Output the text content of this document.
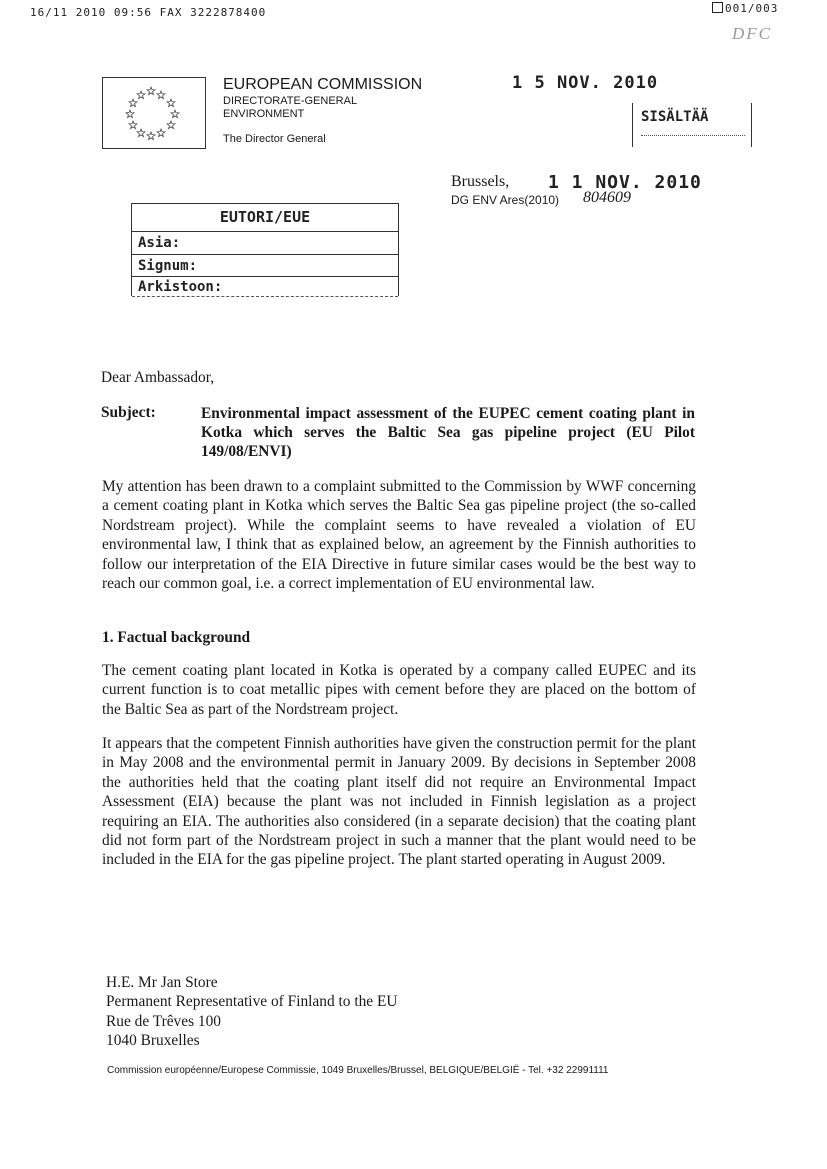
16/11 2010 09:56 FAX 3222878400	001/003
DFC
EUROPEAN COMMISSION
DIRECTORATE-GENERAL
ENVIRONMENT
The Director General
1 5 NOV. 2010
SISÄLTÄÄ
Brussels, 1 1 NOV. 2010
DG ENV Ares(2010) 804609
EUTORI/EUE
Asia:
Signum:
Arkistoon:
Dear Ambassador,
Subject:	Environmental impact assessment of the EUPEC cement coating plant in Kotka which serves the Baltic Sea gas pipeline project (EU Pilot 149/08/ENVI)

My attention has been drawn to a complaint submitted to the Commission by WWF concerning a cement coating plant in Kotka which serves the Baltic Sea gas pipeline project (the so-called Nordstream project). While the complaint seems to have revealed a violation of EU environmental law, I think that as explained below, an agreement by the Finnish authorities to follow our interpretation of the EIA Directive in future similar cases would be the best way to reach our common goal, i.e. a correct implementation of EU environmental law.

1. Factual background

The cement coating plant located in Kotka is operated by a company called EUPEC and its current function is to coat metallic pipes with cement before they are placed on the bottom of the Baltic Sea as part of the Nordstream project.

It appears that the competent Finnish authorities have given the construction permit for the plant in May 2008 and the environmental permit in January 2009. By decisions in September 2008 the authorities held that the coating plant itself did not require an Environmental Impact Assessment (EIA) because the plant was not included in Finnish legislation as a project requiring an EIA. The authorities also considered (in a separate decision) that the coating plant did not form part of the Nordstream project in such a manner that the plant would need to be included in the EIA for the gas pipeline project. The plant started operating in August 2009.

H.E. Mr Jan Store
Permanent Representative of Finland to the EU
Rue de Trêves 100
1040 Bruxelles
Commission européenne/Europese Commissie, 1049 Bruxelles/Brussel, BELGIQUE/BELGIË - Tel. +32 22991111
